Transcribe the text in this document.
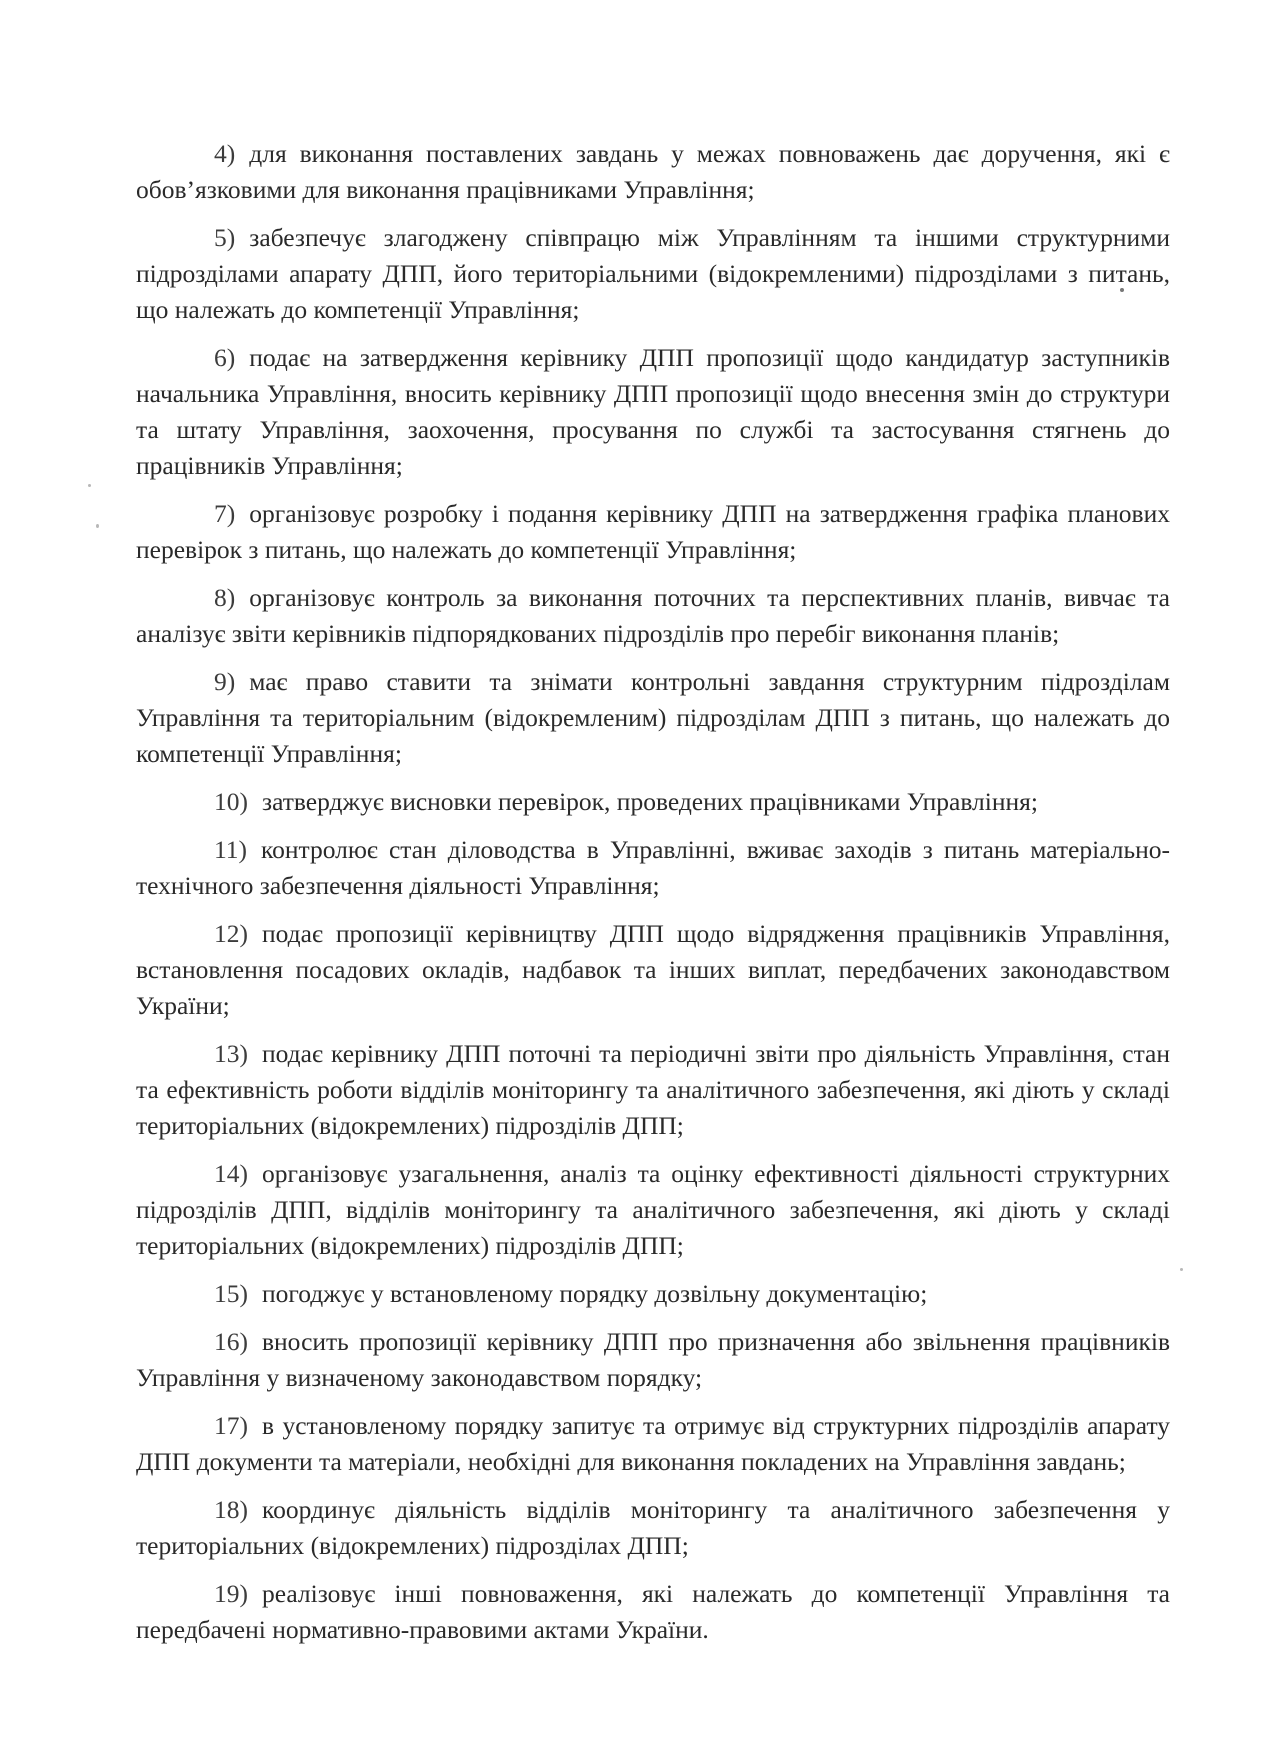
4) для виконання поставлених завдань у межах повноважень дає доручення, які є обов’язковими для виконання працівниками Управління;

5) забезпечує злагоджену співпрацю між Управлінням та іншими структурними підрозділами апарату ДПП, його територіальними (відокремленими) підрозділами з питань, що належать до компетенції Управління;

6) подає на затвердження керівнику ДПП пропозиції щодо кандидатур заступників начальника Управління, вносить керівнику ДПП пропозиції щодо внесення змін до структури та штату Управління, заохочення, просування по службі та застосування стягнень до працівників Управління;

7) організовує розробку і подання керівнику ДПП на затвердження графіка планових перевірок з питань, що належать до компетенції Управління;

8) організовує контроль за виконання поточних та перспективних планів, вивчає та аналізує звіти керівників підпорядкованих підрозділів про перебіг виконання планів;

9) має право ставити та знімати контрольні завдання структурним підрозділам Управління та територіальним (відокремленим) підрозділам ДПП з питань, що належать до компетенції Управління;

10) затверджує висновки перевірок, проведених працівниками Управління;

11) контролює стан діловодства в Управлінні, вживає заходів з питань матеріально-технічного забезпечення діяльності Управління;

12) подає пропозиції керівництву ДПП щодо відрядження працівників Управління, встановлення посадових окладів, надбавок та інших виплат, передбачених законодавством України;

13) подає керівнику ДПП поточні та періодичні звіти про діяльність Управління, стан та ефективність роботи відділів моніторингу та аналітичного забезпечення, які діють у складі територіальних (відокремлених) підрозділів ДПП;

14) організовує узагальнення, аналіз та оцінку ефективності діяльності структурних підрозділів ДПП, відділів моніторингу та аналітичного забезпечення, які діють у складі територіальних (відокремлених) підрозділів ДПП;

15) погоджує у встановленому порядку дозвільну документацію;

16) вносить пропозиції керівнику ДПП про призначення або звільнення працівників Управління у визначеному законодавством порядку;

17) в установленому порядку запитує та отримує від структурних підрозділів апарату ДПП документи та матеріали, необхідні для виконання покладених на Управління завдань;

18) координує діяльність відділів моніторингу та аналітичного забезпечення у територіальних (відокремлених) підрозділах ДПП;

19) реалізовує інші повноваження, які належать до компетенції Управління та передбачені нормативно-правовими актами України.
